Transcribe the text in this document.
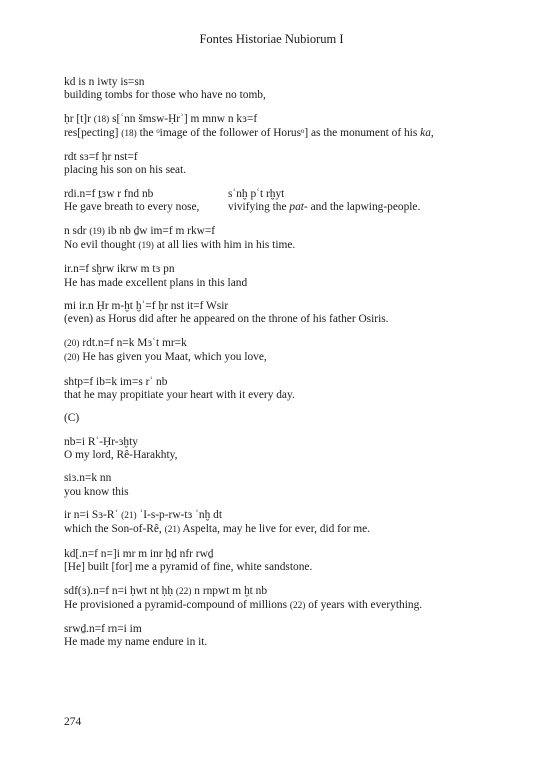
Fontes Historiae Nubiorum I
kd is n iwty is=sn
building tombs for those who have no tomb,
ḥr [t]r (18) s[ʿnn šmsw-Ḥrʾ] m mnw n kɜ=f
res[pecting] (18) the ᵒimage of the follower of Horusᵒ] as the monument of his ka,
rdt sɜ=f ḥr nst=f
placing his son on his seat.
rdi.n=f ṯɜw r fnd nb	sʿnḫ pʿt rḫyt
He gave breath to every nose,	vivifying the pat- and the lapwing-people.
n sdr (19) ib nb ḏw im=f m rkw=f
No evil thought (19) at all lies with him in his time.
ir.n=f sḫrw ikrw m tɜ pn
He has made excellent plans in this land
mi ir.n Ḥr m-ḫt ḫʿ=f ḥr nst it=f Wsir
(even) as Horus did after he appeared on the throne of his father Osiris.
(20) rdt.n=f n=k Mɜʿt mr=k
(20) He has given you Maat, which you love,
shtp=f ib=k im=s rʿ nb
that he may propitiate your heart with it every day.
(C)
nb=i Rʿ-Ḥr-ɜḫty
O my lord, Rê-Harakhty,
siɜ.n=k nn
you know this
ir n=i Sɜ-Rʿ (21) ʾI-s-p-rw-tɜ ʿnḫ dt
which the Son-of-Rê, (21) Aspelta, may he live for ever, did for me.
kd[.n=f n=]i mr m inr ḥḏ nfr rwḏ
[He] built [for] me a pyramid of fine, white sandstone.
sdf(ɜ).n=f n=i ḥwt nt ḥḥ (22) n rnpwt m ḫt nb
He provisioned a pyramid-compound of millions (22) of years with everything.
srwḏ.n=f rn=i im
He made my name endure in it.
274
